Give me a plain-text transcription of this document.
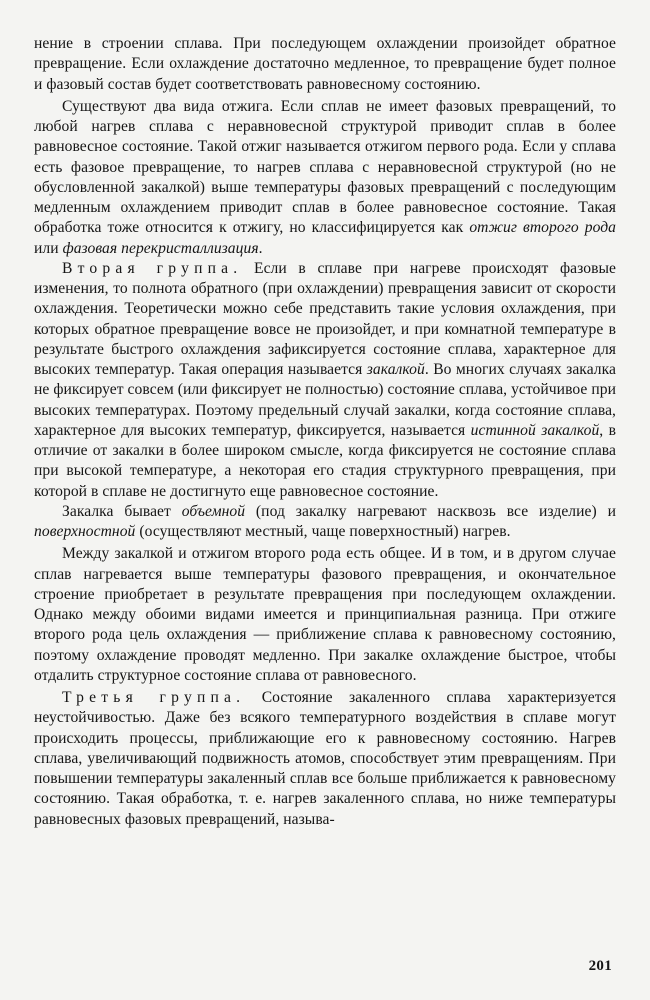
нение в строении сплава. При последующем охлаждении произойдет обратное превращение. Если охлаждение достаточно медленное, то превращение будет полное и фазовый состав будет соответствовать равновесному состоянию.

Существуют два вида отжига. Если сплав не имеет фазовых превращений, то любой нагрев сплава с неравновесной структурой приводит сплав в более равновесное состояние. Такой отжиг называется отжигом первого рода. Если у сплава есть фазовое превращение, то нагрев сплава с неравновесной структурой (но не обусловленной закалкой) выше температуры фазовых превращений с последующим медленным охлаждением приводит сплав в более равновесное состояние. Такая обработка тоже относится к отжигу, но классифицируется как отжиг второго рода или фазовая перекристаллизация.

Вторая группа. Если в сплаве при нагреве происходят фазовые изменения, то полнота обратного (при охлаждении) превращения зависит от скорости охлаждения. Теоретически можно себе представить такие условия охлаждения, при которых обратное превращение вовсе не произойдет, и при комнатной температуре в результате быстрого охлаждения зафиксируется состояние сплава, характерное для высоких температур. Такая операция называется закалкой. Во многих случаях закалка не фиксирует совсем (или фиксирует не полностью) состояние сплава, устойчивое при высоких температурах. Поэтому предельный случай закалки, когда состояние сплава, характерное для высоких температур, фиксируется, называется истинной закалкой, в отличие от закалки в более широком смысле, когда фиксируется не состояние сплава при высокой температуре, а некоторая его стадия структурного превращения, при которой в сплаве не достигнуто еще равновесное состояние.

Закалка бывает объемной (под закалку нагревают насквозь все изделие) и поверхностной (осуществляют местный, чаще поверхностный) нагрев.

Между закалкой и отжигом второго рода есть общее. И в том, и в другом случае сплав нагревается выше температуры фазового превращения, и окончательное строение приобретает в результате превращения при последующем охлаждении. Однако между обоими видами имеется и принципиальная разница. При отжиге второго рода цель охлаждения — приближение сплава к равновесному состоянию, поэтому охлаждение проводят медленно. При закалке охлаждение быстрое, чтобы отдалить структурное состояние сплава от равновесного.

Третья группа. Состояние закаленного сплава характеризуется неустойчивостью. Даже без всякого температурного воздействия в сплаве могут происходить процессы, приближающие его к равновесному состоянию. Нагрев сплава, увеличивающий подвижность атомов, способствует этим превращениям. При повышении температуры закаленный сплав все больше приближается к равновесному состоянию. Такая обработка, т. е. нагрев закаленного сплава, но ниже температуры равновесных фазовых превращений, называ-

201
